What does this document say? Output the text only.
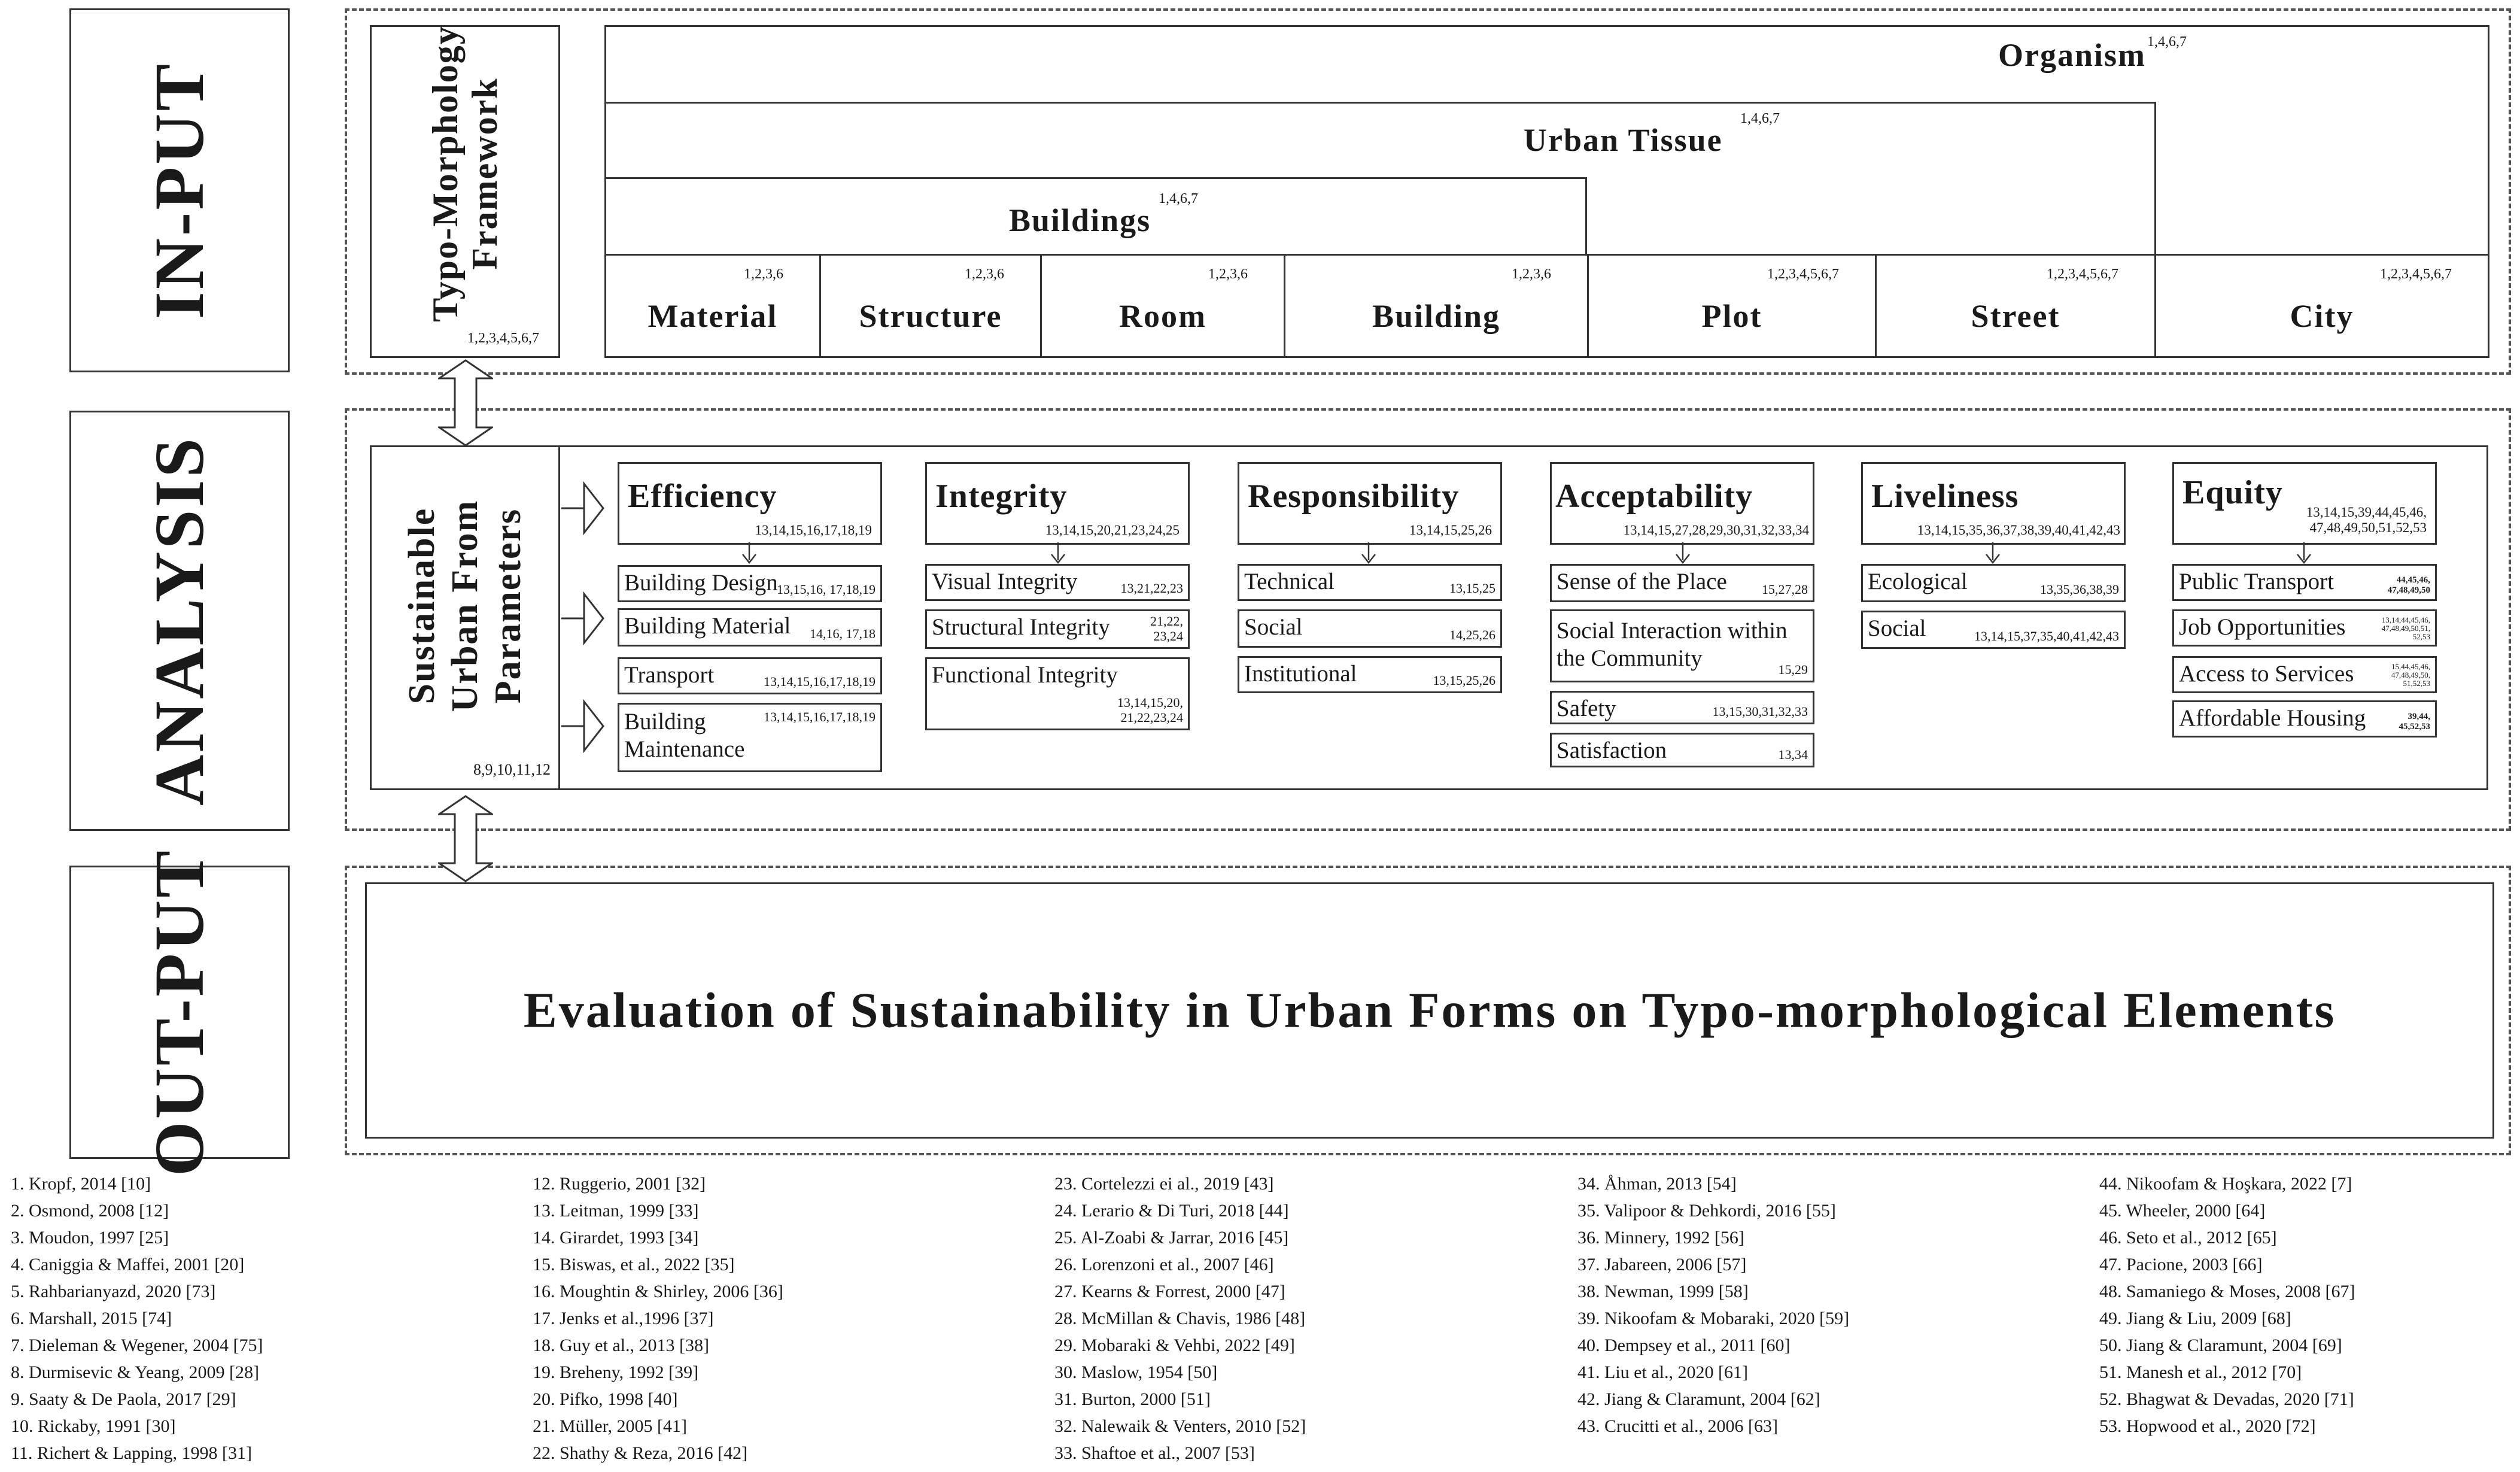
IN-PUT
ANALYSIS
OUT-PUT
Typo-Morphology Framework
1,2,3,4,5,6,7
Organism 1,4,6,7
Urban Tissue
1,4,6,7
Buildings
1,4,6,7
1,2,3,6
Material
1,2,3,6
Structure
1,2,3,6
Room
1,2,3,6
Building
1,2,3,4,5,6,7
Plot
1,2,3,4,5,6,7
Street
1,2,3,4,5,6,7
City
Sustainable Urban From Parameters
8,9,10,11,12
Efficiency
13,14,15,16,17,18,19
Building Design
13,15,16, 17,18,19
Building Material 14,16, 17,18
Transport	13,14,15,16,17,18,19
Building
Maintenance
13,14,15,16,17,18,19
Integrity
13,14,15,20,21,23,24,25
Visual Integrity	13,21,22,23
Structural Integrity	21,22,
23,24
Functional Integrity
13,14,15,20,
21,22,23,24
Responsibility
13,14,15,25,26
Technical	13,15,25
Social	14,25,26
Institutional	13,15,25,26
Acceptability
13,14,15,27,28,29,30,31,32,33,34
Sense of the Place	15,27,28
Social Interaction within
the Community	15,29
Safety	13,15,30,31,32,33
Satisfaction	13,34
Liveliness
13,14,15,35,36,37,38,39,40,41,42,43
Ecological	13,35,36,38,39
Social	13,14,15,37,35,40,41,42,43
Equity
13,14,15,39,44,45,46,
47,48,49,50,51,52,53
Public Transport	44,45,46,
47,48,49,50
Job Opportunities	13,14,44,45,46,
47,48,49,50,51,
52,53
Access to Services	15,44,45,46,
47,48,49,50,
51,52,53
Affordable Housing	39,44,
45,52,53
Evaluation of Sustainability in Urban Forms on Typo-morphological Elements
1. Kropf, 2014 [10]
2. Osmond, 2008 [12]
3. Moudon, 1997 [25]
4. Caniggia & Maffei, 2001 [20]
5. Rahbarianyazd, 2020 [73]
6. Marshall, 2015 [74]
7. Dieleman & Wegener, 2004 [75]
8. Durmisevic & Yeang, 2009 [28]
9. Saaty & De Paola, 2017 [29]
10. Rickaby, 1991 [30]
11. Richert & Lapping, 1998 [31]
12. Ruggerio, 2001 [32]
13. Leitman, 1999 [33]
14. Girardet, 1993 [34]
15. Biswas, et al., 2022 [35]
16. Moughtin & Shirley, 2006 [36]
17. Jenks et al.,1996 [37]
18. Guy et al., 2013 [38]
19. Breheny, 1992 [39]
20. Pifko, 1998 [40]
21. Müller, 2005 [41]
22. Shathy & Reza, 2016 [42]
23. Cortelezzi ei al., 2019 [43]
24. Lerario & Di Turi, 2018 [44]
25. Al-Zoabi & Jarrar, 2016 [45]
26. Lorenzoni et al., 2007 [46]
27. Kearns & Forrest, 2000 [47]
28. McMillan & Chavis, 1986 [48]
29. Mobaraki & Vehbi, 2022 [49]
30. Maslow, 1954 [50]
31. Burton, 2000 [51]
32. Nalewaik & Venters, 2010 [52]
33. Shaftoe et al., 2007 [53]
34. Åhman, 2013 [54]
35. Valipoor & Dehkordi, 2016 [55]
36. Minnery, 1992 [56]
37. Jabareen, 2006 [57]
38. Newman, 1999 [58]
39. Nikoofam & Mobaraki, 2020 [59]
40. Dempsey et al., 2011 [60]
41. Liu et al., 2020 [61]
42. Jiang & Claramunt, 2004 [62]
43. Crucitti et al., 2006 [63]
44. Nikoofam & Hoşkara, 2022 [7]
45. Wheeler, 2000 [64]
46. Seto et al., 2012 [65]
47. Pacione, 2003 [66]
48. Samaniego & Moses, 2008 [67]
49. Jiang & Liu, 2009 [68]
50. Jiang & Claramunt, 2004 [69]
51. Manesh et al., 2012 [70]
52. Bhagwat & Devadas, 2020 [71]
53. Hopwood et al., 2020 [72]
